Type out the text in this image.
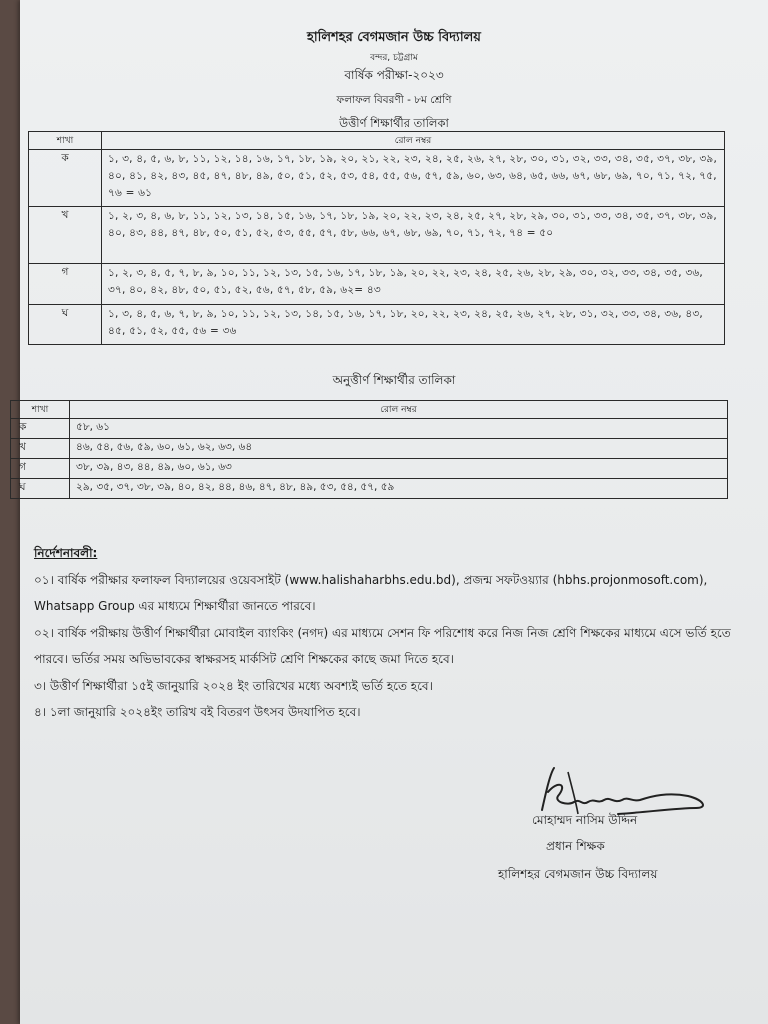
হালিশহর বেগমজান উচ্চ বিদ্যালয়
বন্দর, চট্টগ্রাম
বার্ষিক পরীক্ষা-২০২৩
ফলাফল বিবরণী - ৮ম শ্রেণি
উত্তীর্ণ শিক্ষার্থীর তালিকা
শাখা	রোল নম্বর
ক	১, ৩, ৪, ৫, ৬, ৮, ১১, ১২, ১৪, ১৬, ১৭, ১৮, ১৯, ২০, ২১, ২২, ২৩, ২৪, ২৫, ২৬, ২৭, ২৮, ৩০, ৩১, ৩২, ৩৩, ৩৪, ৩৫, ৩৭, ৩৮, ৩৯, ৪০, ৪১, ৪২, ৪৩, ৪৫, ৪৭, ৪৮, ৪৯, ৫০, ৫১, ৫২, ৫৩, ৫৪, ৫৫, ৫৬, ৫৭, ৫৯, ৬০, ৬৩, ৬৪, ৬৫, ৬৬, ৬৭, ৬৮, ৬৯, ৭০, ৭১, ৭২, ৭৫, ৭৬ = ৬১
খ	১, ২, ৩, ৪, ৬, ৮, ১১, ১২, ১৩, ১৪, ১৫, ১৬, ১৭, ১৮, ১৯, ২০, ২২, ২৩, ২৪, ২৫, ২৭, ২৮, ২৯, ৩০, ৩১, ৩৩, ৩৪, ৩৫, ৩৭, ৩৮, ৩৯, ৪০, ৪৩, ৪৪, ৪৭, ৪৮, ৫০, ৫১, ৫২, ৫৩, ৫৫, ৫৭, ৫৮, ৬৬, ৬৭, ৬৮, ৬৯, ৭০, ৭১, ৭২, ৭৪ = ৫০
গ	১, ২, ৩, ৪, ৫, ৭, ৮, ৯, ১০, ১১, ১২, ১৩, ১৫, ১৬, ১৭, ১৮, ১৯, ২০, ২২, ২৩, ২৪, ২৫, ২৬, ২৮, ২৯, ৩০, ৩২, ৩৩, ৩৪, ৩৫, ৩৬, ৩৭, ৪০, ৪২, ৪৮, ৫০, ৫১, ৫২, ৫৬, ৫৭, ৫৮, ৫৯, ৬২= ৪৩
ঘ	১, ৩, ৪, ৫, ৬, ৭, ৮, ৯, ১০, ১১, ১২, ১৩, ১৪, ১৫, ১৬, ১৭, ১৮, ২০, ২২, ২৩, ২৪, ২৫, ২৬, ২৭, ২৮, ৩১, ৩২, ৩৩, ৩৪, ৩৬, ৪৩, ৪৫, ৫১, ৫২, ৫৫, ৫৬ = ৩৬
অনুত্তীর্ণ শিক্ষার্থীর তালিকা
শাখা	রোল নম্বর
ক	৫৮, ৬১
খ	৪৬, ৫৪, ৫৬, ৫৯, ৬০, ৬১, ৬২, ৬৩, ৬৪
গ	৩৮, ৩৯, ৪৩, ৪৪, ৪৯, ৬০, ৬১, ৬৩
ঘ	২৯, ৩৫, ৩৭, ৩৮, ৩৯, ৪০, ৪২, ৪৪, ৪৬, ৪৭, ৪৮, ৪৯, ৫৩, ৫৪, ৫৭, ৫৯
নির্দেশনাবলী:

০১। বার্ষিক পরীক্ষার ফলাফল বিদ্যালয়ের ওয়েবসাইট (www.halishaharbhs.edu.bd), প্রজন্ম সফটওয়্যার (hbhs.projonmosoft.com), Whatsapp Group এর মাধ্যমে শিক্ষার্থীরা জানতে পারবে।

০২। বার্ষিক পরীক্ষায় উত্তীর্ণ শিক্ষার্থীরা মোবাইল ব্যাংকিং (নগদ) এর মাধ্যমে সেশন ফি পরিশোধ করে নিজ নিজ শ্রেণি শিক্ষকের মাধ্যমে এসে ভর্তি হতে পারবে। ভর্তির সময় অভিভাবকের স্বাক্ষরসহ মার্কসিট শ্রেণি শিক্ষকের কাছে জমা দিতে হবে।

৩। উত্তীর্ণ শিক্ষার্থীরা ১৫ই জানুয়ারি ২০২৪ ইং তারিখের মধ্যে অবশ্যই ভর্তি হতে হবে।

৪। ১লা জানুয়ারি ২০২৪ইং তারিখ বই বিতরণ উৎসব উদযাপিত হবে।

মোহাম্মদ নাসিম উদ্দিন
প্রধান শিক্ষক
হালিশহর বেগমজান উচ্চ বিদ্যালয়
